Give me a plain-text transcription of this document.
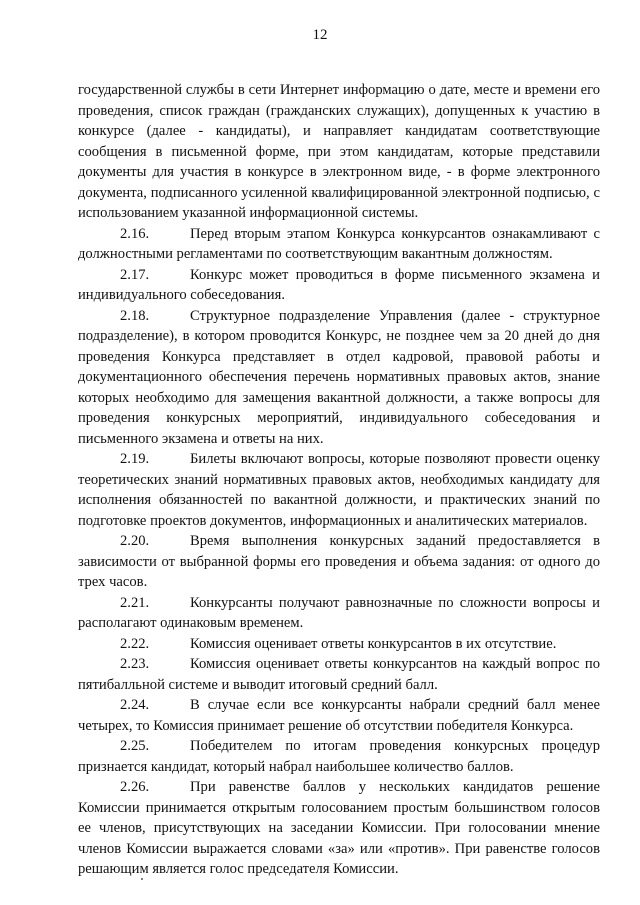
12

государственной службы в сети Интернет информацию о дате, месте и времени его проведения, список граждан (гражданских служащих), допущенных к участию в конкурсе (далее - кандидаты), и направляет кандидатам соответствующие сообщения в письменной форме, при этом кандидатам, которые представили документы для участия в конкурсе в электронном виде, - в форме электронного документа, подписанного усиленной квалифицированной электронной подписью, с использованием указанной информационной системы.

2.16.	Перед вторым этапом Конкурса конкурсантов ознакамливают с должностными регламентами по соответствующим вакантным должностям.

2.17.	Конкурс может проводиться в форме письменного экзамена и индивидуального собеседования.

2.18.	Структурное подразделение Управления (далее - структурное подразделение), в котором проводится Конкурс, не позднее чем за 20 дней до дня проведения Конкурса представляет в отдел кадровой, правовой работы и документационного обеспечения перечень нормативных правовых актов, знание которых необходимо для замещения вакантной должности, а также вопросы для проведения конкурсных мероприятий, индивидуального собеседования и письменного экзамена и ответы на них.

2.19.	Билеты включают вопросы, которые позволяют провести оценку теоретических знаний нормативных правовых актов, необходимых кандидату для исполнения обязанностей по вакантной должности, и практических знаний по подготовке проектов документов, информационных и аналитических материалов.

2.20.	Время выполнения конкурсных заданий предоставляется в зависимости от выбранной формы его проведения и объема задания: от одного до трех часов.

2.21.	Конкурсанты получают равнозначные по сложности вопросы и располагают одинаковым временем.

2.22.	Комиссия оценивает ответы конкурсантов в их отсутствие.

2.23.	Комиссия оценивает ответы конкурсантов на каждый вопрос по пятибалльной системе и выводит итоговый средний балл.

2.24.	В случае если все конкурсанты набрали средний балл менее четырех, то Комиссия принимает решение об отсутствии победителя Конкурса.

2.25.	Победителем по итогам проведения конкурсных процедур признается кандидат, который набрал наибольшее количество баллов.

2.26.	При равенстве баллов у нескольких кандидатов решение Комиссии принимается открытым голосованием простым большинством голосов ее членов, присутствующих на заседании Комиссии. При голосовании мнение членов Комиссии выражается словами «за» или «против». При равенстве голосов решающим является голос председателя Комиссии.
